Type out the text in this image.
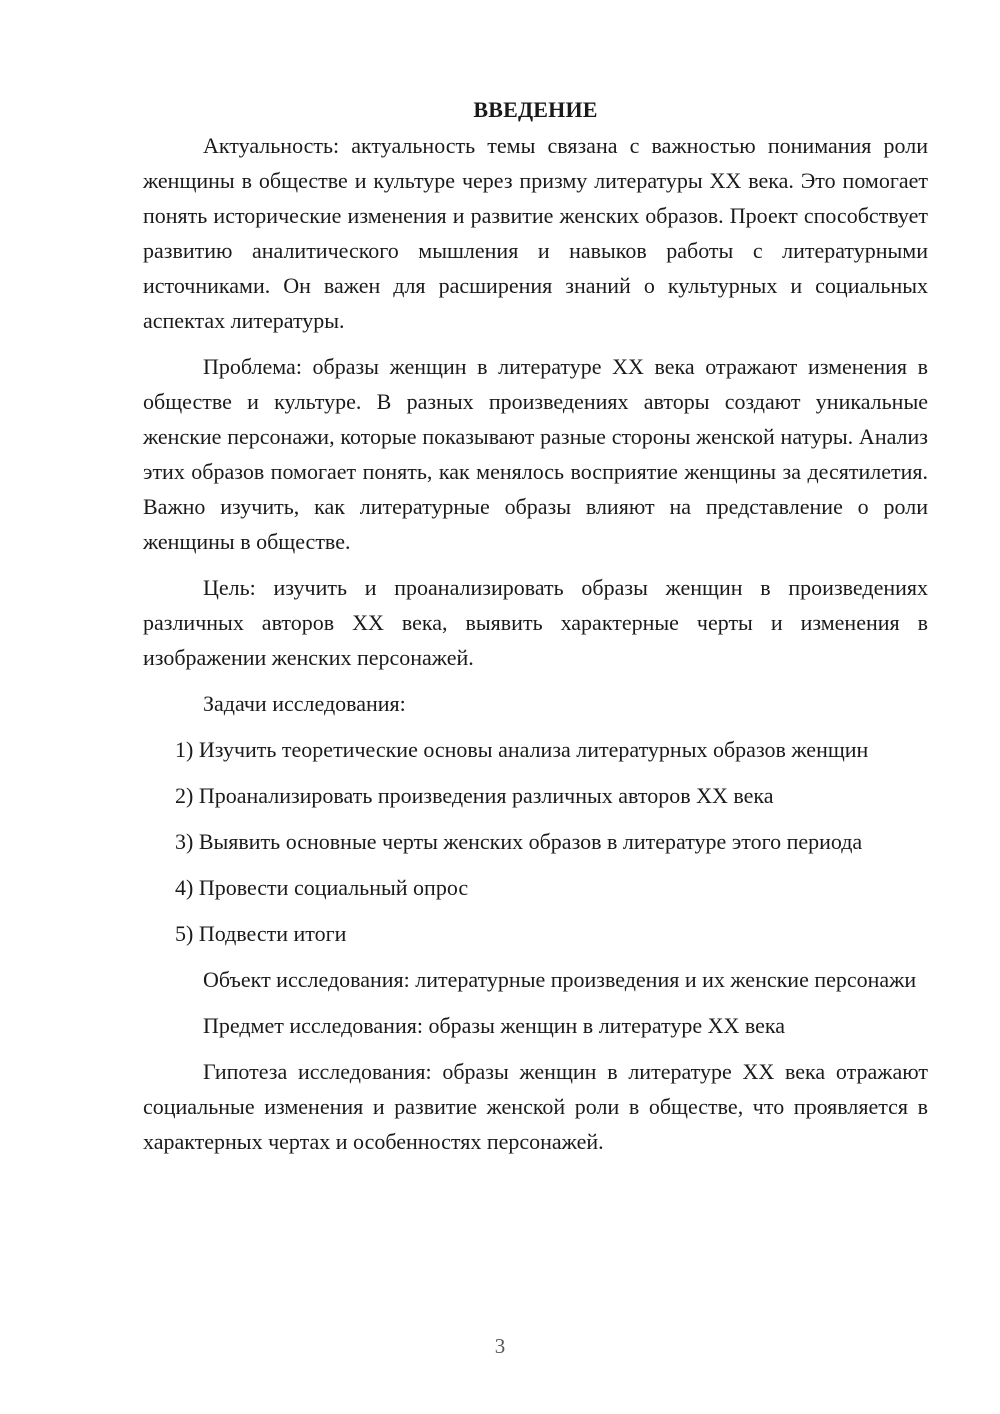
ВВЕДЕНИЕ

Актуальность: актуальность темы связана с важностью понимания роли женщины в обществе и культуре через призму литературы XX века. Это помогает понять исторические изменения и развитие женских образов. Проект способствует развитию аналитического мышления и навыков работы с литературными источниками. Он важен для расширения знаний о культурных и социальных аспектах литературы.

Проблема: образы женщин в литературе XX века отражают изменения в обществе и культуре. В разных произведениях авторы создают уникальные женские персонажи, которые показывают разные стороны женской натуры. Анализ этих образов помогает понять, как менялось восприятие женщины за десятилетия. Важно изучить, как литературные образы влияют на представление о роли женщины в обществе.

Цель: изучить и проанализировать образы женщин в произведениях различных авторов XX века, выявить характерные черты и изменения в изображении женских персонажей.

Задачи исследования:

1) Изучить теоретические основы анализа литературных образов женщин

2) Проанализировать произведения различных авторов XX века

3) Выявить основные черты женских образов в литературе этого периода

4) Провести социальный опрос

5) Подвести итоги

Объект исследования: литературные произведения и их женские персонажи

Предмет исследования: образы женщин в литературе XX века

Гипотеза исследования: образы женщин в литературе XX века отражают социальные изменения и развитие женской роли в обществе, что проявляется в характерных чертах и особенностях персонажей.

3
